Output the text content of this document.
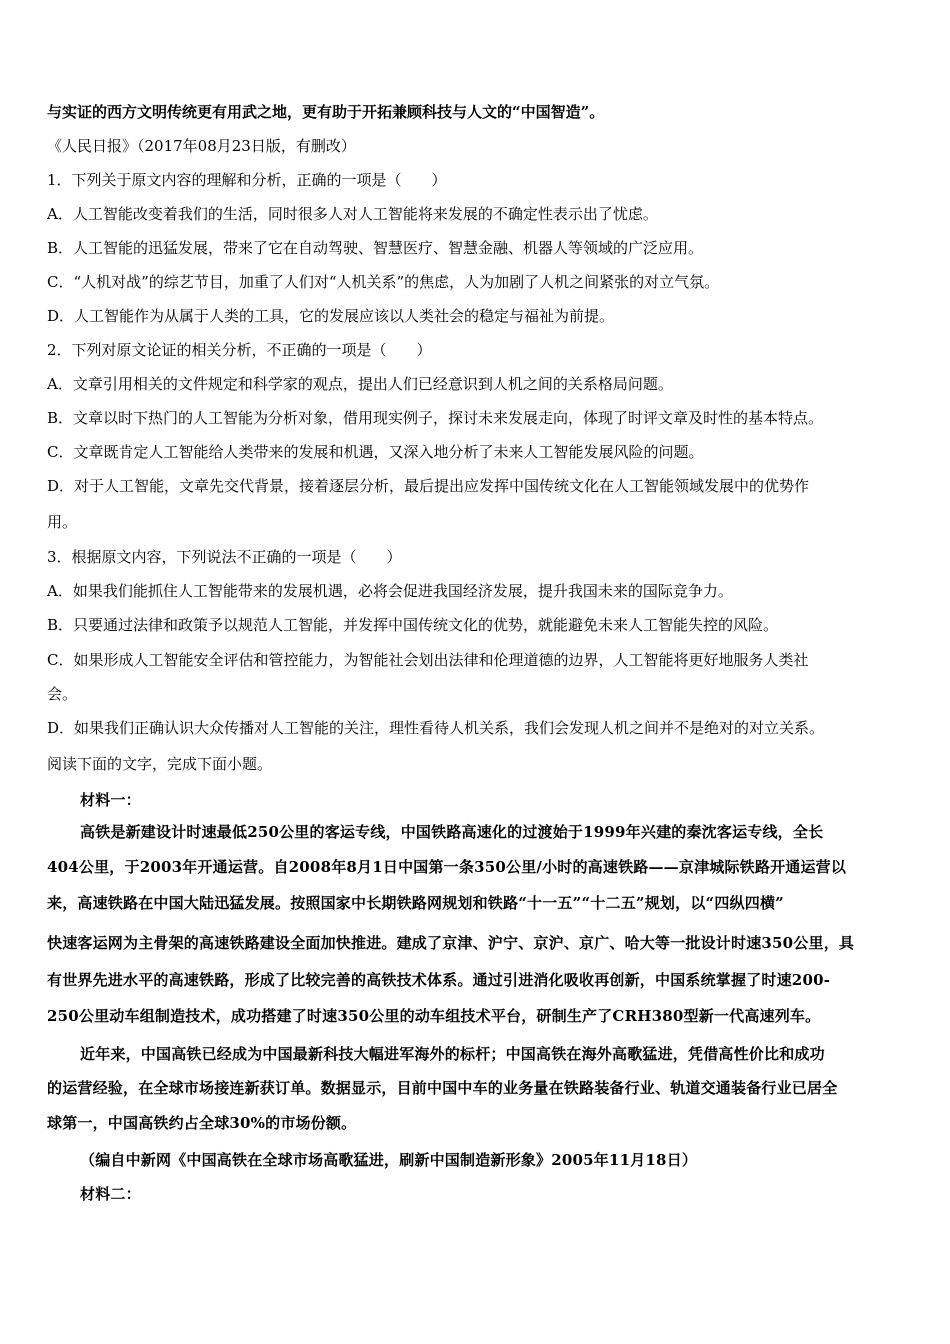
与实证的西方文明传统更有用武之地，更有助于开拓兼顾科技与人文的“中国智造”。
《人民日报》（2017年08月23日版，有删改）
1．下列关于原文内容的理解和分析，正确的一项是（　　）
A．人工智能改变着我们的生活，同时很多人对人工智能将来发展的不确定性表示出了忧虑。
B．人工智能的迅猛发展，带来了它在自动驾驶、智慧医疗、智慧金融、机器人等领域的广泛应用。
C．“人机对战”的综艺节目，加重了人们对“人机关系”的焦虑，人为加剧了人机之间紧张的对立气氛。
D．人工智能作为从属于人类的工具，它的发展应该以人类社会的稳定与福祉为前提。
2．下列对原文论证的相关分析，不正确的一项是（　　）
A．文章引用相关的文件规定和科学家的观点，提出人们已经意识到人机之间的关系格局问题。
B．文章以时下热门的人工智能为分析对象，借用现实例子，探讨未来发展走向，体现了时评文章及时性的基本特点。
C．文章既肯定人工智能给人类带来的发展和机遇，又深入地分析了未来人工智能发展风险的问题。
D．对于人工智能，文章先交代背景，接着逐层分析，最后提出应发挥中国传统文化在人工智能领域发展中的优势作
用。
3．根据原文内容，下列说法不正确的一项是（　　）
A．如果我们能抓住人工智能带来的发展机遇，必将会促进我国经济发展，提升我国未来的国际竞争力。
B．只要通过法律和政策予以规范人工智能，并发挥中国传统文化的优势，就能避免未来人工智能失控的风险。
C．如果形成人工智能安全评估和管控能力，为智能社会划出法律和伦理道德的边界，人工智能将更好地服务人类社
会。
D．如果我们正确认识大众传播对人工智能的关注，理性看待人机关系，我们会发现人机之间并不是绝对的对立关系。
阅读下面的文字，完成下面小题。
材料一：
高铁是新建设计时速最低250公里的客运专线，中国铁路高速化的过渡始于1999年兴建的秦沈客运专线，全长
404公里，于2003年开通运营。自2008年8月1日中国第一条350公里/小时的高速铁路——京津城际铁路开通运营以
来，高速铁路在中国大陆迅猛发展。按照国家中长期铁路网规划和铁路“十一五”“十二五”规划，以“四纵四横”
快速客运网为主骨架的高速铁路建设全面加快推进。建成了京津、沪宁、京沪、京广、哈大等一批设计时速350公里，具
有世界先进水平的高速铁路，形成了比较完善的高铁技术体系。通过引进消化吸收再创新，中国系统掌握了时速200-
250公里动车组制造技术，成功搭建了时速350公里的动车组技术平台，研制生产了CRH380型新一代高速列车。
近年来，中国高铁已经成为中国最新科技大幅进军海外的标杆；中国高铁在海外高歌猛进，凭借高性价比和成功
的运营经验，在全球市场接连新获订单。数据显示，目前中国中车的业务量在铁路装备行业、轨道交通装备行业已居全
球第一，中国高铁约占全球30%的市场份额。
（编自中新网《中国高铁在全球市场高歌猛进，刷新中国制造新形象》2005年11月18日）
材料二：
